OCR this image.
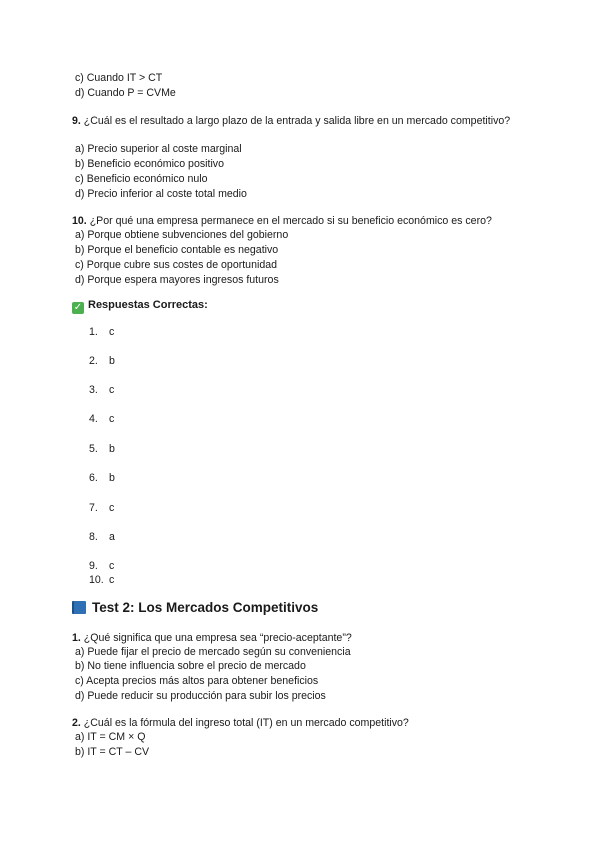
c) Cuando IT > CT
d) Cuando P = CVMe
9. ¿Cuál es el resultado a largo plazo de la entrada y salida libre en un mercado competitivo?
a) Precio superior al coste marginal
b) Beneficio económico positivo
c) Beneficio económico nulo
d) Precio inferior al coste total medio
10. ¿Por qué una empresa permanece en el mercado si su beneficio económico es cero?
a) Porque obtiene subvenciones del gobierno
b) Porque el beneficio contable es negativo
c) Porque cubre sus costes de oportunidad
d) Porque espera mayores ingresos futuros
✓ Respuestas Correctas:
1. c
2. b
3. c
4. c
5. b
6. b
7. c
8. a
9. c
10. c
Test 2: Los Mercados Competitivos
1. ¿Qué significa que una empresa sea “precio-aceptante”?
a) Puede fijar el precio de mercado según su conveniencia
b) No tiene influencia sobre el precio de mercado
c) Acepta precios más altos para obtener beneficios
d) Puede reducir su producción para subir los precios
2. ¿Cuál es la fórmula del ingreso total (IT) en un mercado competitivo?
a) IT = CM × Q
b) IT = CT – CV
